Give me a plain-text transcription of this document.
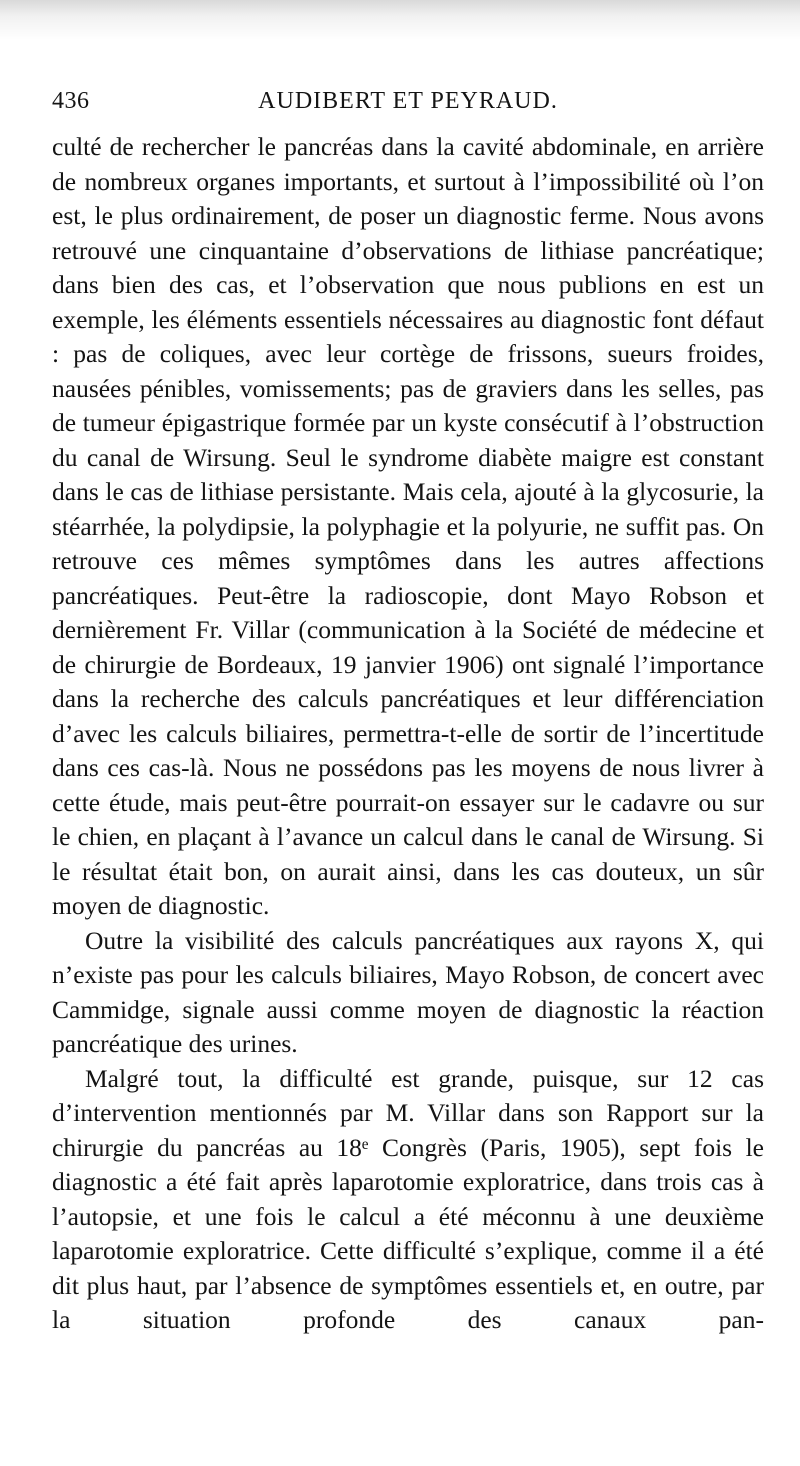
436	AUDIBERT ET PEYRAUD.

culté de rechercher le pancréas dans la cavité abdominale, en arrière de nombreux organes importants, et surtout à l’impossibilité où l’on est, le plus ordinairement, de poser un diagnostic ferme. Nous avons retrouvé une cinquantaine d’observations de lithiase pancréatique; dans bien des cas, et l’observation que nous publions en est un exemple, les éléments essentiels nécessaires au diagnostic font défaut : pas de coliques, avec leur cortège de frissons, sueurs froides, nausées pénibles, vomissements; pas de graviers dans les selles, pas de tumeur épigastrique formée par un kyste consécutif à l’obstruction du canal de Wirsung. Seul le syndrome diabète maigre est constant dans le cas de lithiase persistante. Mais cela, ajouté à la glycosurie, la stéarrhée, la polydipsie, la polyphagie et la polyurie, ne suffit pas. On retrouve ces mêmes symptômes dans les autres affections pancréatiques. Peut-être la radioscopie, dont Mayo Robson et dernièrement Fr. Villar (communication à la Société de médecine et de chirurgie de Bordeaux, 19 janvier 1906) ont signalé l’importance dans la recherche des calculs pancréatiques et leur différenciation d’avec les calculs biliaires, permettra-t-elle de sortir de l’incertitude dans ces cas-là. Nous ne possédons pas les moyens de nous livrer à cette étude, mais peut-être pourrait-on essayer sur le cadavre ou sur le chien, en plaçant à l’avance un calcul dans le canal de Wirsung. Si le résultat était bon, on aurait ainsi, dans les cas douteux, un sûr moyen de diagnostic.

Outre la visibilité des calculs pancréatiques aux rayons X, qui n’existe pas pour les calculs biliaires, Mayo Robson, de concert avec Cammidge, signale aussi comme moyen de diagnostic la réaction pancréatique des urines.

Malgré tout, la difficulté est grande, puisque, sur 12 cas d’intervention mentionnés par M. Villar dans son Rapport sur la chirurgie du pancréas au 18ᵉ Congrès (Paris, 1905), sept fois le diagnostic a été fait après laparotomie exploratrice, dans trois cas à l’autopsie, et une fois le calcul a été méconnu à une deuxième laparotomie exploratrice. Cette difficulté s’explique, comme il a été dit plus haut, par l’absence de symptômes essentiels et, en outre, par la situation profonde des canaux pan-
